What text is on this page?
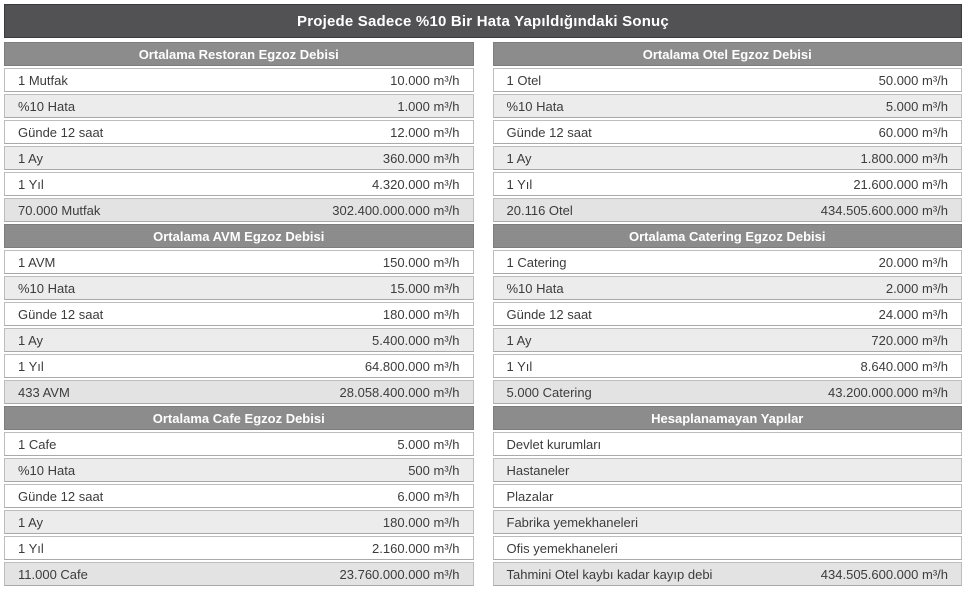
Projede Sadece %10 Bir Hata Yapıldığındaki Sonuç
Ortalama Restoran Egzoz Debisi
1 Mutfak	10.000 m³/h
%10 Hata	1.000 m³/h
Günde 12 saat	12.000 m³/h
1 Ay	360.000 m³/h
1 Yıl	4.320.000 m³/h
70.000 Mutfak	302.400.000.000 m³/h
Ortalama AVM Egzoz Debisi
1 AVM	150.000 m³/h
%10 Hata	15.000 m³/h
Günde 12 saat	180.000 m³/h
1 Ay	5.400.000 m³/h
1 Yıl	64.800.000 m³/h
433 AVM	28.058.400.000 m³/h
Ortalama Cafe Egzoz Debisi
1 Cafe	5.000 m³/h
%10 Hata	500 m³/h
Günde 12 saat	6.000 m³/h
1 Ay	180.000 m³/h
1 Yıl	2.160.000 m³/h
11.000 Cafe	23.760.000.000 m³/h
Ortalama Otel Egzoz Debisi
1 Otel	50.000 m³/h
%10 Hata	5.000 m³/h
Günde 12 saat	60.000 m³/h
1 Ay	1.800.000 m³/h
1 Yıl	21.600.000 m³/h
20.116 Otel	434.505.600.000 m³/h
Ortalama Catering Egzoz Debisi
1 Catering	20.000 m³/h
%10 Hata	2.000 m³/h
Günde 12 saat	24.000 m³/h
1 Ay	720.000 m³/h
1 Yıl	8.640.000 m³/h
5.000 Catering	43.200.000.000 m³/h
Hesaplanamayan Yapılar
Devlet kurumları
Hastaneler
Plazalar
Fabrika yemekhaneleri
Ofis yemekhaneleri
Tahmini Otel kaybı kadar kayıp debi	434.505.600.000 m³/h
